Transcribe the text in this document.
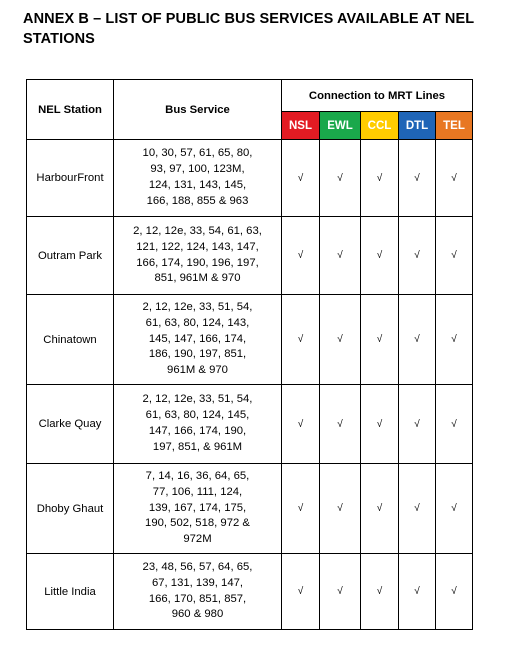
ANNEX B – LIST OF PUBLIC BUS SERVICES AVAILABLE AT NEL STATIONS
NEL Station	Bus Service	Connection to MRT Lines				
		NSL	EWL	CCL	DTL	TEL
HarbourFront	10, 30, 57, 61, 65, 80,
93, 97, 100, 123M,
124, 131, 143, 145,
166, 188, 855 & 963	√	√	√	√	√
Outram Park	2, 12, 12e, 33, 54, 61, 63,
121, 122, 124, 143, 147,
166, 174, 190, 196, 197,
851, 961M & 970	√	√	√	√	√
Chinatown	2, 12, 12e, 33, 51, 54,
61, 63, 80, 124, 143,
145, 147, 166, 174,
186, 190, 197, 851,
961M & 970	√	√	√	√	√
Clarke Quay	2, 12, 12e, 33, 51, 54,
61, 63, 80, 124, 145,
147, 166, 174, 190,
197, 851, & 961M	√	√	√	√	√
Dhoby Ghaut	7, 14, 16, 36, 64, 65,
77, 106, 111, 124,
139, 167, 174, 175,
190, 502, 518, 972 &
972M	√	√	√	√	√
Little India	23, 48, 56, 57, 64, 65,
67, 131, 139, 147,
166, 170, 851, 857,
960 & 980	√	√	√	√	√
